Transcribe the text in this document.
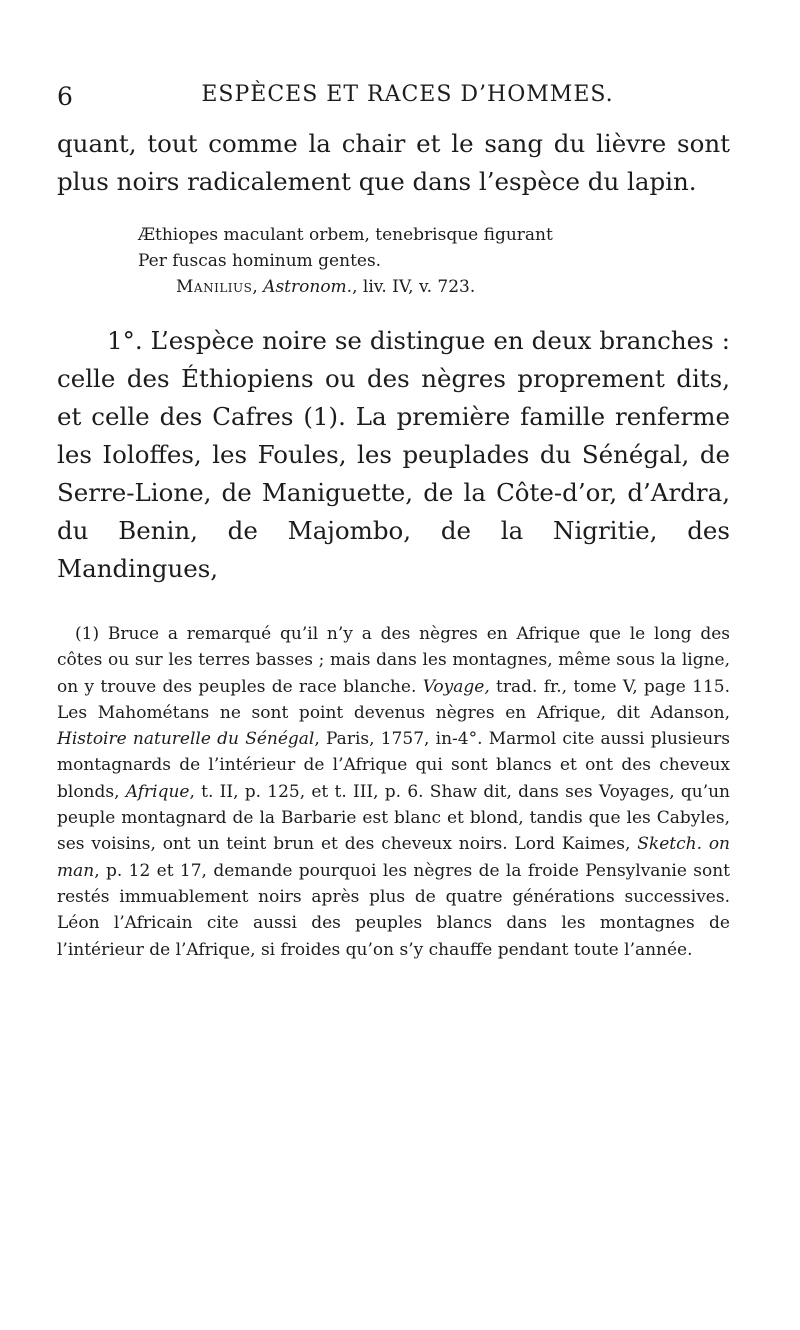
6	ESPÈCES ET RACES D’HOMMES.

quant, tout comme la chair et le sang du lièvre sont plus noirs radicalement que dans l’espèce du lapin.

Æthiopes maculant orbem, tenebrisque figurant
Per fuscas hominum gentes.
Manilius, Astronom., liv. IV, v. 723.

1°. L’espèce noire se distingue en deux branches : celle des Éthiopiens ou des nègres proprement dits, et celle des Cafres (1). La première famille renferme les Ioloffes, les Foules, les peuplades du Sénégal, de Serre-Lione, de Maniguette, de la Côte-d’or, d’Ardra, du Benin, de Majombo, de la Nigritie, des Mandingues,

(1) Bruce a remarqué qu’il n’y a des nègres en Afrique que le long des côtes ou sur les terres basses ; mais dans les montagnes, même sous la ligne, on y trouve des peuples de race blanche. Voyage, trad. fr., tome V, page 115. Les Mahométans ne sont point devenus nègres en Afrique, dit Adanson, Histoire naturelle du Sénégal, Paris, 1757, in-4°. Marmol cite aussi plusieurs montagnards de l’intérieur de l’Afrique qui sont blancs et ont des cheveux blonds, Afrique, t. II, p. 125, et t. III, p. 6. Shaw dit, dans ses Voyages, qu’un peuple montagnard de la Barbarie est blanc et blond, tandis que les Cabyles, ses voisins, ont un teint brun et des cheveux noirs. Lord Kaimes, Sketch. on man, p. 12 et 17, demande pourquoi les nègres de la froide Pensylvanie sont restés immuablement noirs après plus de quatre générations successives. Léon l’Africain cite aussi des peuples blancs dans les montagnes de l’intérieur de l’Afrique, si froides qu’on s’y chauffe pendant toute l’année.
